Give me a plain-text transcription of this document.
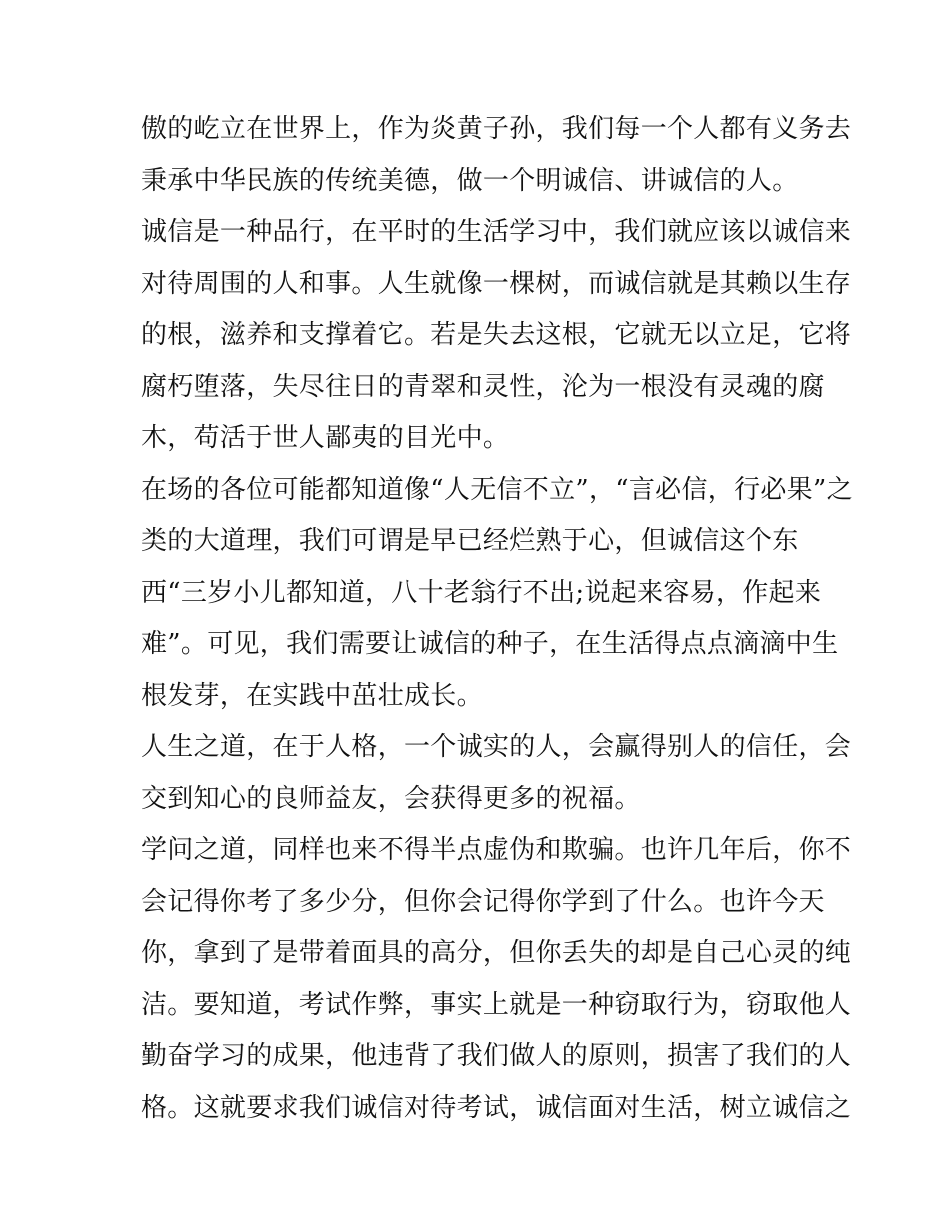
傲的屹立在世界上，作为炎黄子孙，我们每一个人都有义务去
秉承中华民族的传统美德，做一个明诚信、讲诚信的人。
诚信是一种品行，在平时的生活学习中，我们就应该以诚信来
对待周围的人和事。人生就像一棵树，而诚信就是其赖以生存
的根，滋养和支撑着它。若是失去这根，它就无以立足，它将
腐朽堕落，失尽往日的青翠和灵性，沦为一根没有灵魂的腐
木，苟活于世人鄙夷的目光中。
在场的各位可能都知道像“人无信不立”，“言必信，行必果”之
类的大道理，我们可谓是早已经烂熟于心，但诚信这个东
西“三岁小儿都知道，八十老翁行不出;说起来容易，作起来
难”。可见，我们需要让诚信的种子，在生活得点点滴滴中生
根发芽，在实践中茁壮成长。
人生之道，在于人格，一个诚实的人，会赢得别人的信任，会
交到知心的良师益友，会获得更多的祝福。
学问之道，同样也来不得半点虚伪和欺骗。也许几年后，你不
会记得你考了多少分，但你会记得你学到了什么。也许今天
你，拿到了是带着面具的高分，但你丢失的却是自己心灵的纯
洁。要知道，考试作弊，事实上就是一种窃取行为，窃取他人
勤奋学习的成果，他违背了我们做人的原则，损害了我们的人
格。这就要求我们诚信对待考试，诚信面对生活，树立诚信之
